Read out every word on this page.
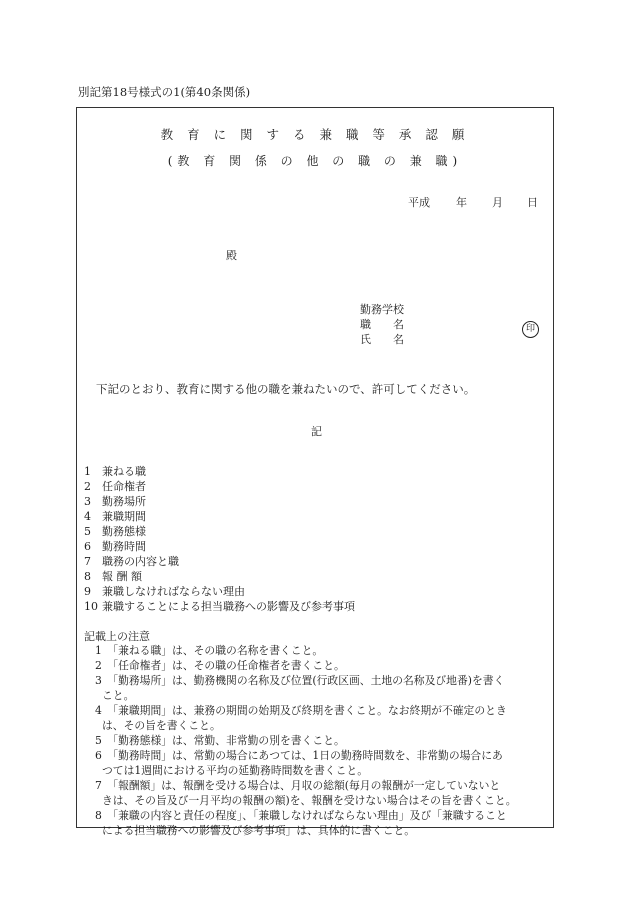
別記第18号様式の1(第40条関係)
教 育 に 関 す る 兼 職 等 承 認 願
(教 育 関 係 の 他 の 職 の 兼 職)
平成 年 月 日
殿
勤務学校
職　　名
氏　　名
印
下記のとおり、教育に関する他の職を兼ねたいので、許可してください。
記
1 兼ねる職
2 任命権者
3 勤務場所
4 兼職期間
5 勤務態様
6 勤務時間
7 職務の内容と職
8 報 酬 額
9 兼職しなければならない理由
10 兼職することによる担当職務への影響及び参考事項
記載上の注意
1　「兼ねる職」は、その職の名称を書くこと。
2　「任命権者」は、その職の任命権者を書くこと。
3　「勤務場所」は、勤務機関の名称及び位置(行政区画、土地の名称及び地番)を書く
こと。
4　「兼職期間」は、兼務の期間の始期及び終期を書くこと。なお終期が不確定のとき
は、その旨を書くこと。
5　「勤務態様」は、常勤、非常勤の別を書くこと。
6　「勤務時間」は、常勤の場合にあつては、1日の勤務時間数を、非常勤の場合にあ
つては1週間における平均の延勤務時間数を書くこと。
7　「報酬額」は、報酬を受ける場合は、月収の総額(毎月の報酬が一定していないと
きは、その旨及び一月平均の報酬の額)を、報酬を受けない場合はその旨を書くこと。
8　「兼職の内容と責任の程度」、「兼職しなければならない理由」及び「兼職すること
による担当職務への影響及び参考事項」は、具体的に書くこと。
